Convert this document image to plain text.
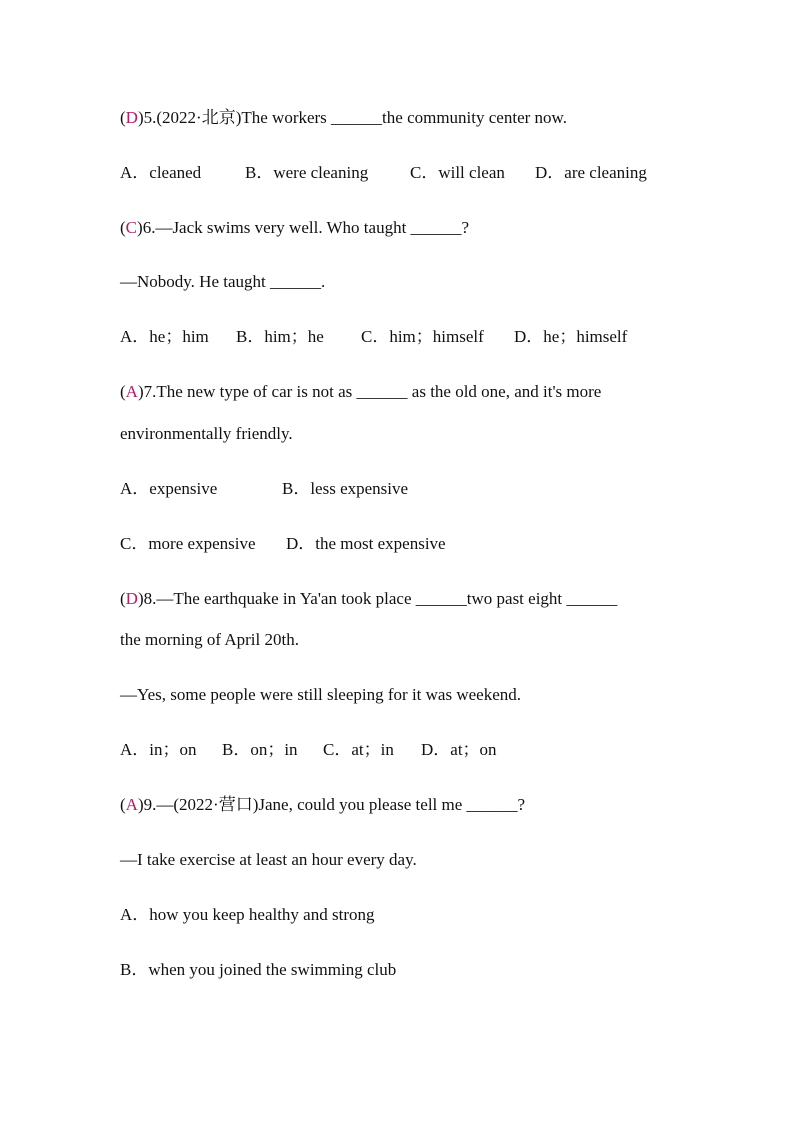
(D)5.(2022·北京)The workers ______the community center now.
A．cleaned	B．were cleaning C．will clean D．are cleaning
(C)6.—Jack swims very well. Who taught ______?
—Nobody. He taught ______.
A．he；him B．him；he C．him；himself D．he；himself
(A)7.The new type of car is not as ______ as the old one, and it's more
environmentally friendly.
A．expensive	B．less expensive
C．more expensive D．the most expensive
(D)8.—The earthquake in Ya'an took place ______two past eight ______
the morning of April 20th.
—Yes, some people were still sleeping for it was weekend.
A．in；on B．on；in C．at；in D．at；on
(A)9.—(2022·营口)Jane, could you please tell me ______?
—I take exercise at least an hour every day.
A．how you keep healthy and strong
B．when you joined the swimming club
